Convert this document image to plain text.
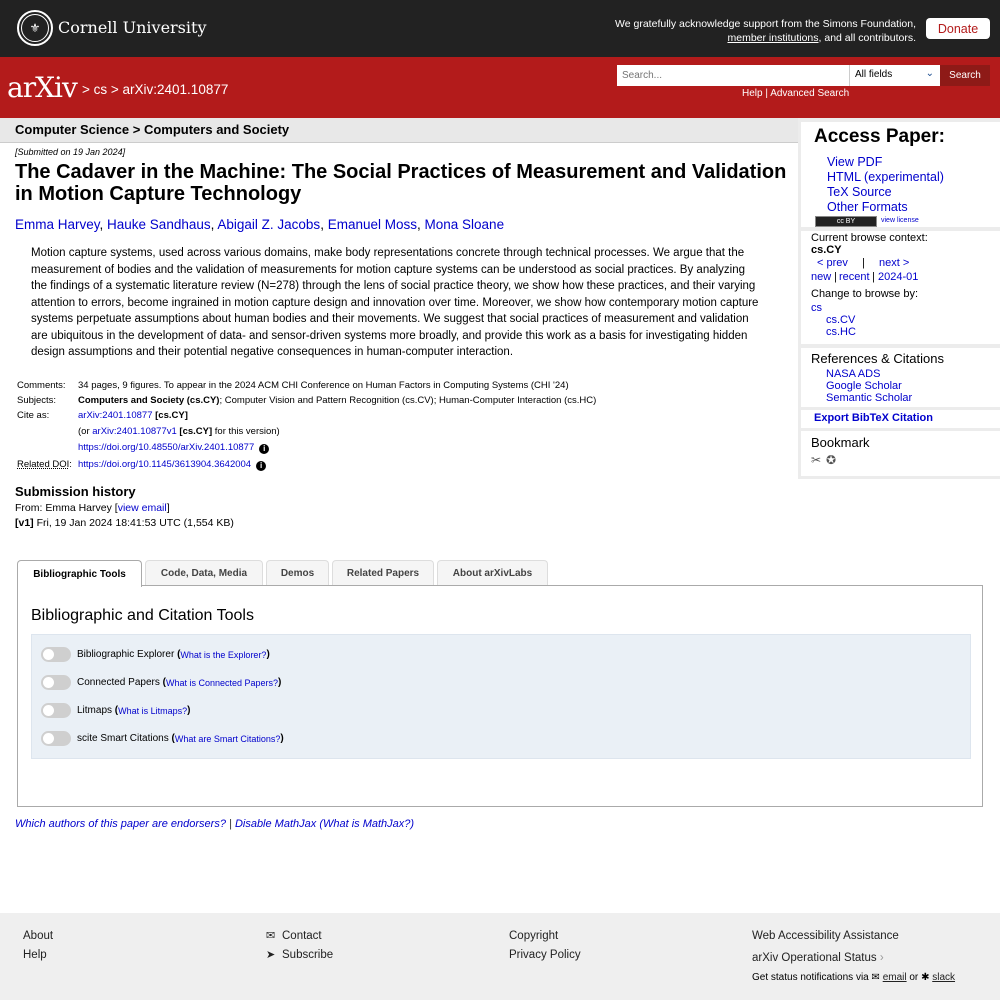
⚜	Cornell University	We gratefully acknowledge support from the Simons Foundation,
member institutions, and all contributors.
Donate
arXiv > cs > arXiv:2401.10877
Search...
All fields	⌄	Search
Help | Advanced Search
Computer Science > Computers and Society
[Submitted on 19 Jan 2024]
The Cadaver in the Machine: The Social Practices of Measurement and Validation in Motion Capture Technology
Emma Harvey, Hauke Sandhaus, Abigail Z. Jacobs, Emanuel Moss, Mona Sloane
Motion capture systems, used across various domains, make body representations concrete through technical processes. We argue that the measurement of bodies and the validation of measurements for motion capture systems can be understood as social practices. By analyzing the findings of a systematic literature review (N=278) through the lens of social practice theory, we show how these practices, and their varying attention to errors, become ingrained in motion capture design and innovation over time. Moreover, we show how contemporary motion capture systems perpetuate assumptions about human bodies and their movements. We suggest that social practices of measurement and validation are ubiquitous in the development of data- and sensor-driven systems more broadly, and provide this work as a basis for investigating hidden design assumptions and their potential negative consequences in human-computer interaction.
Comments: 34 pages, 9 figures. To appear in the 2024 ACM CHI Conference on Human Factors in Computing Systems (CHI '24)
Subjects: Computers and Society (cs.CY); Computer Vision and Pattern Recognition (cs.CV); Human-Computer Interaction (cs.HC)
Cite as:	arXiv:2401.10877 [cs.CY]
(or arXiv:2401.10877v1 [cs.CY] for this version)
https://doi.org/10.48550/arXiv.2401.10877 i
Related DOI: https://doi.org/10.1145/3613904.3642004 i
Submission history
From: Emma Harvey [view email]
[v1] Fri, 19 Jan 2024 18:41:53 UTC (1,554 KB)
Access Paper:
View PDF
HTML (experimental)
TeX Source
Other Formats
cc BY	view license
Current browse context:
cs.CY
< prev | next >
new | recent | 2024-01
Change to browse by:
cs
cs.CV
cs.HC
References & Citations
NASA ADS
Google Scholar
Semantic Scholar
Export BibTeX Citation
Bookmark
✂ ✪
Bibliographic Tools	Code, Data, Media	Demos	Related Papers	About arXivLabs
Bibliographic and Citation Tools
Bibliographic Explorer
( What is the Explorer? )
Connected Papers
( What is Connected Papers? )
Litmaps
( What is Litmaps? )
scite Smart Citations
( What are Smart Citations? )
Which authors of this paper are endorsers? | Disable MathJax (What is MathJax?)
About
Help
✉ Contact
➤ Subscribe
Copyright
Privacy Policy
Web Accessibility Assistance
arXiv Operational Status ›
Get status notifications via ✉ email or ✱ slack
